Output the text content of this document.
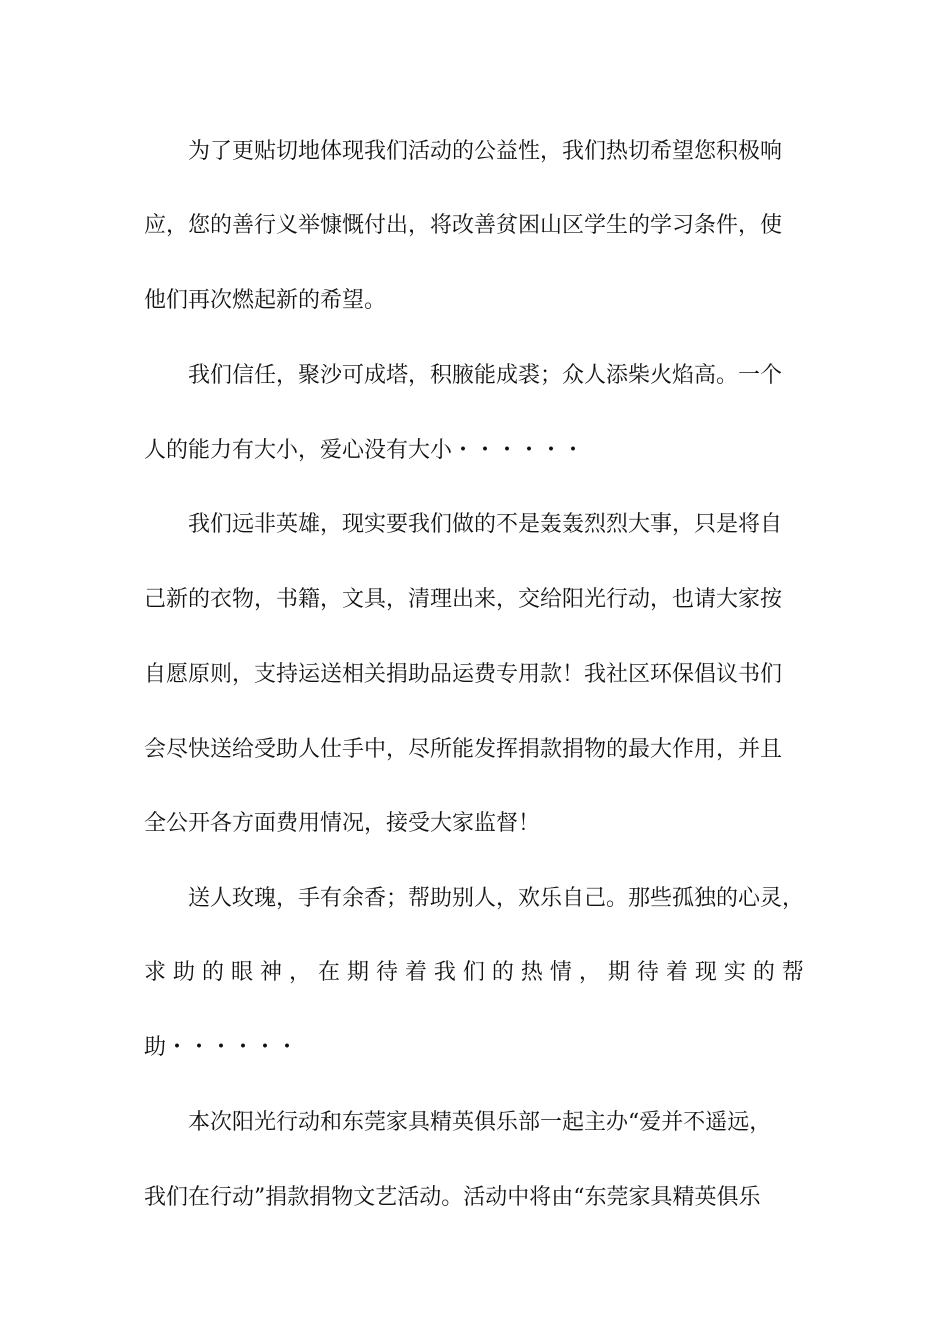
为了更贴切地体现我们活动的公益性，我们热切希望您积极响
应，您的善行义举慷慨付出，将改善贫困山区学生的学习条件，使
他们再次燃起新的希望。
我们信任，聚沙可成塔，积腋能成裘；众人添柴火焰高。一个
人的能力有大小，爱心没有大小・・・・・・
我们远非英雄，现实要我们做的不是轰轰烈烈大事，只是将自
己新的衣物，书籍，文具，清理出来，交给阳光行动，也请大家按
自愿原则，支持运送相关捐助品运费专用款！我社区环保倡议书们
会尽快送给受助人仕手中，尽所能发挥捐款捐物的最大作用，并且
全公开各方面费用情况，接受大家监督！
送人玫瑰，手有余香；帮助别人，欢乐自己。那些孤独的心灵，
求 助 的 眼 神 ， 在 期 待 着 我 们 的 热 情 ， 期 待 着 现 实 的 帮
助・・・・・・
本次阳光行动和东莞家具精英俱乐部一起主办“爱并不遥远，
我们在行动”捐款捐物文艺活动。活动中将由“东莞家具精英俱乐
